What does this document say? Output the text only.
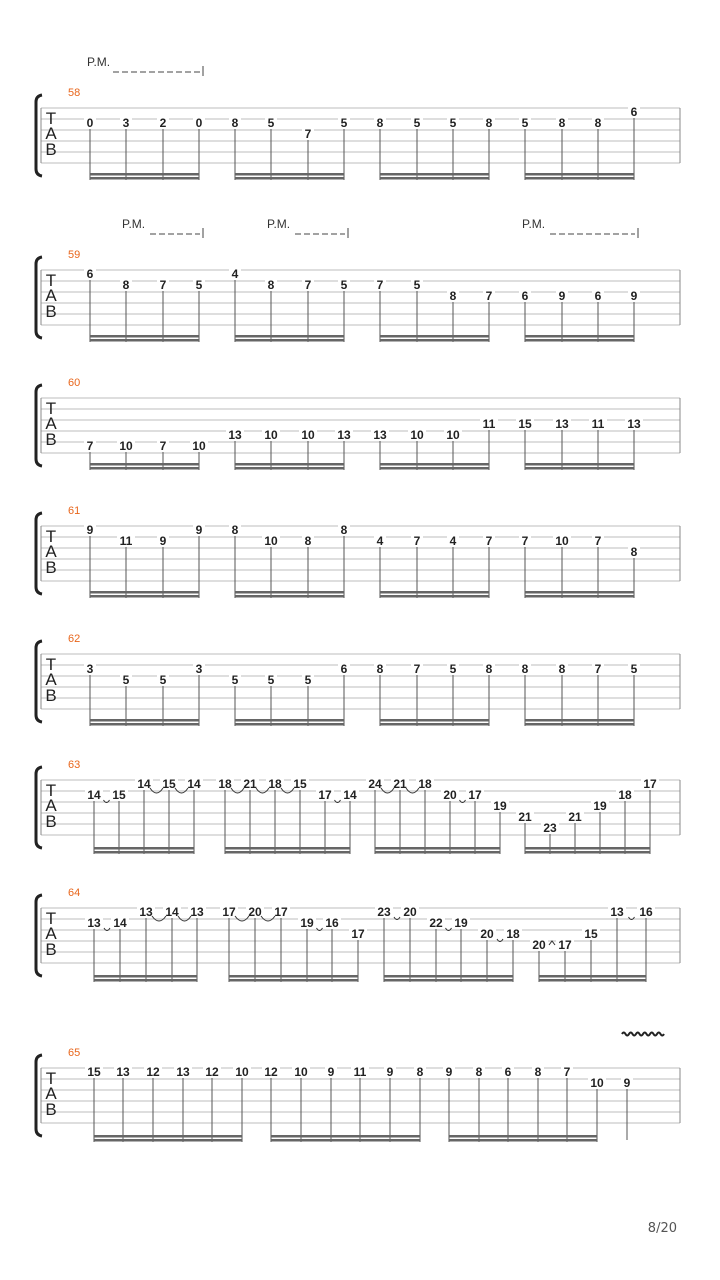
T
A
B
58
P.M.
0 3	2 0 8 5
7
5 8	5 5 8 5	8 8
6
T
A
B
59
P.M.	P.M.	P.M.
6
8	7 5
4
8	7 5 7	5
8 7 6	9 6 9
T
A
B
60
7 10 7 10
13 10 10 13 13 10 10
11 15 13 11 13
T
A
B
61
9
11 9
9 8
10 8
8
4	7 4 7 7 10 7
8
T
A
B
62
3
5	5
3
5 5	5
6 8	7 5 8 8	8 7 5
T
A
B
63
14 15
14 15 14 18 21 18 15
17 14
24 21 18
20 17
19
21
23
21
19
18
17
T
A
B
64
13 14
13 14 13 17 20 17
19 16
17
23 20
22 19
20 18
20 17
15
13 16
T
A
B
65
15 13 12 13 12 10 12 10 9 11 9 8 9 8 6 8 7
10 9
8/20
